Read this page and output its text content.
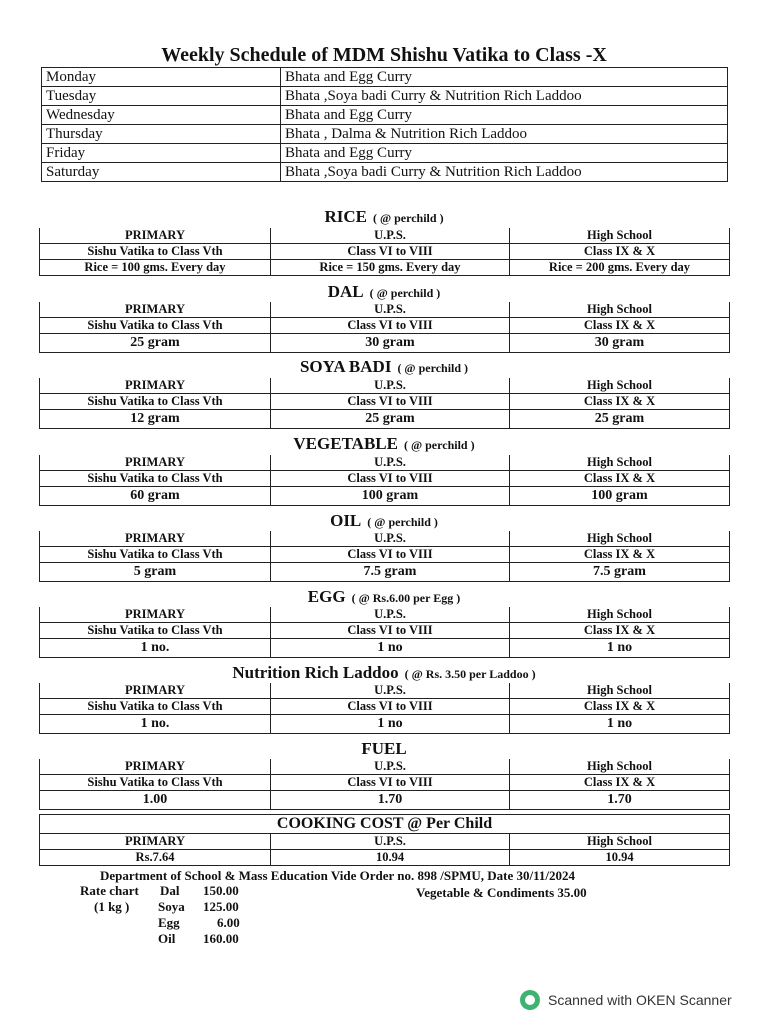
Weekly Schedule of MDM Shishu Vatika to Class -X
Monday	Bhata and Egg Curry
Tuesday	Bhata ,Soya badi Curry & Nutrition Rich Laddoo
Wednesday	Bhata and Egg Curry
Thursday	Bhata , Dalma & Nutrition Rich Laddoo
Friday	Bhata and Egg Curry
Saturday	Bhata ,Soya badi Curry & Nutrition Rich Laddoo
RICE ( @ perchild )
PRIMARY	U.P.S.	High School
Sishu Vatika to Class Vth	Class VI to VIII	Class IX & X
Rice = 100 gms. Every day	Rice = 150 gms. Every day	Rice = 200 gms. Every day
DAL ( @ perchild )
PRIMARY	U.P.S.	High School
Sishu Vatika to Class Vth	Class VI to VIII	Class IX & X
25 gram	30 gram	30 gram
SOYA BADI ( @ perchild )
PRIMARY	U.P.S.	High School
Sishu Vatika to Class Vth	Class VI to VIII	Class IX & X
12 gram	25 gram	25 gram
VEGETABLE ( @ perchild )
PRIMARY	U.P.S.	High School
Sishu Vatika to Class Vth	Class VI to VIII	Class IX & X
60 gram	100 gram	100 gram
OIL ( @ perchild )
PRIMARY	U.P.S.	High School
Sishu Vatika to Class Vth	Class VI to VIII	Class IX & X
5 gram	7.5 gram	7.5 gram
EGG ( @ Rs.6.00 per Egg )
PRIMARY	U.P.S.	High School
Sishu Vatika to Class Vth	Class VI to VIII	Class IX & X
1 no.	1 no	1 no
Nutrition Rich Laddoo ( @ Rs. 3.50 per Laddoo )
PRIMARY	U.P.S.	High School
Sishu Vatika to Class Vth	Class VI to VIII	Class IX & X
1 no.	1 no	1 no
FUEL
PRIMARY	U.P.S.	High School
Sishu Vatika to Class Vth	Class VI to VIII	Class IX & X
1.00	1.70	1.70
COOKING COST @ Per Child		
PRIMARY	U.P.S.	High School
Rs.7.64	10.94	10.94
Department of School & Mass Education Vide Order no. 898 /SPMU, Date 30/11/2024
Rate chart
(1 kg )
Dal 150.00
Soya 125.00
Egg	6.00
Oil 160.00
Vegetable & Condiments 35.00
Scanned with OKEN Scanner
